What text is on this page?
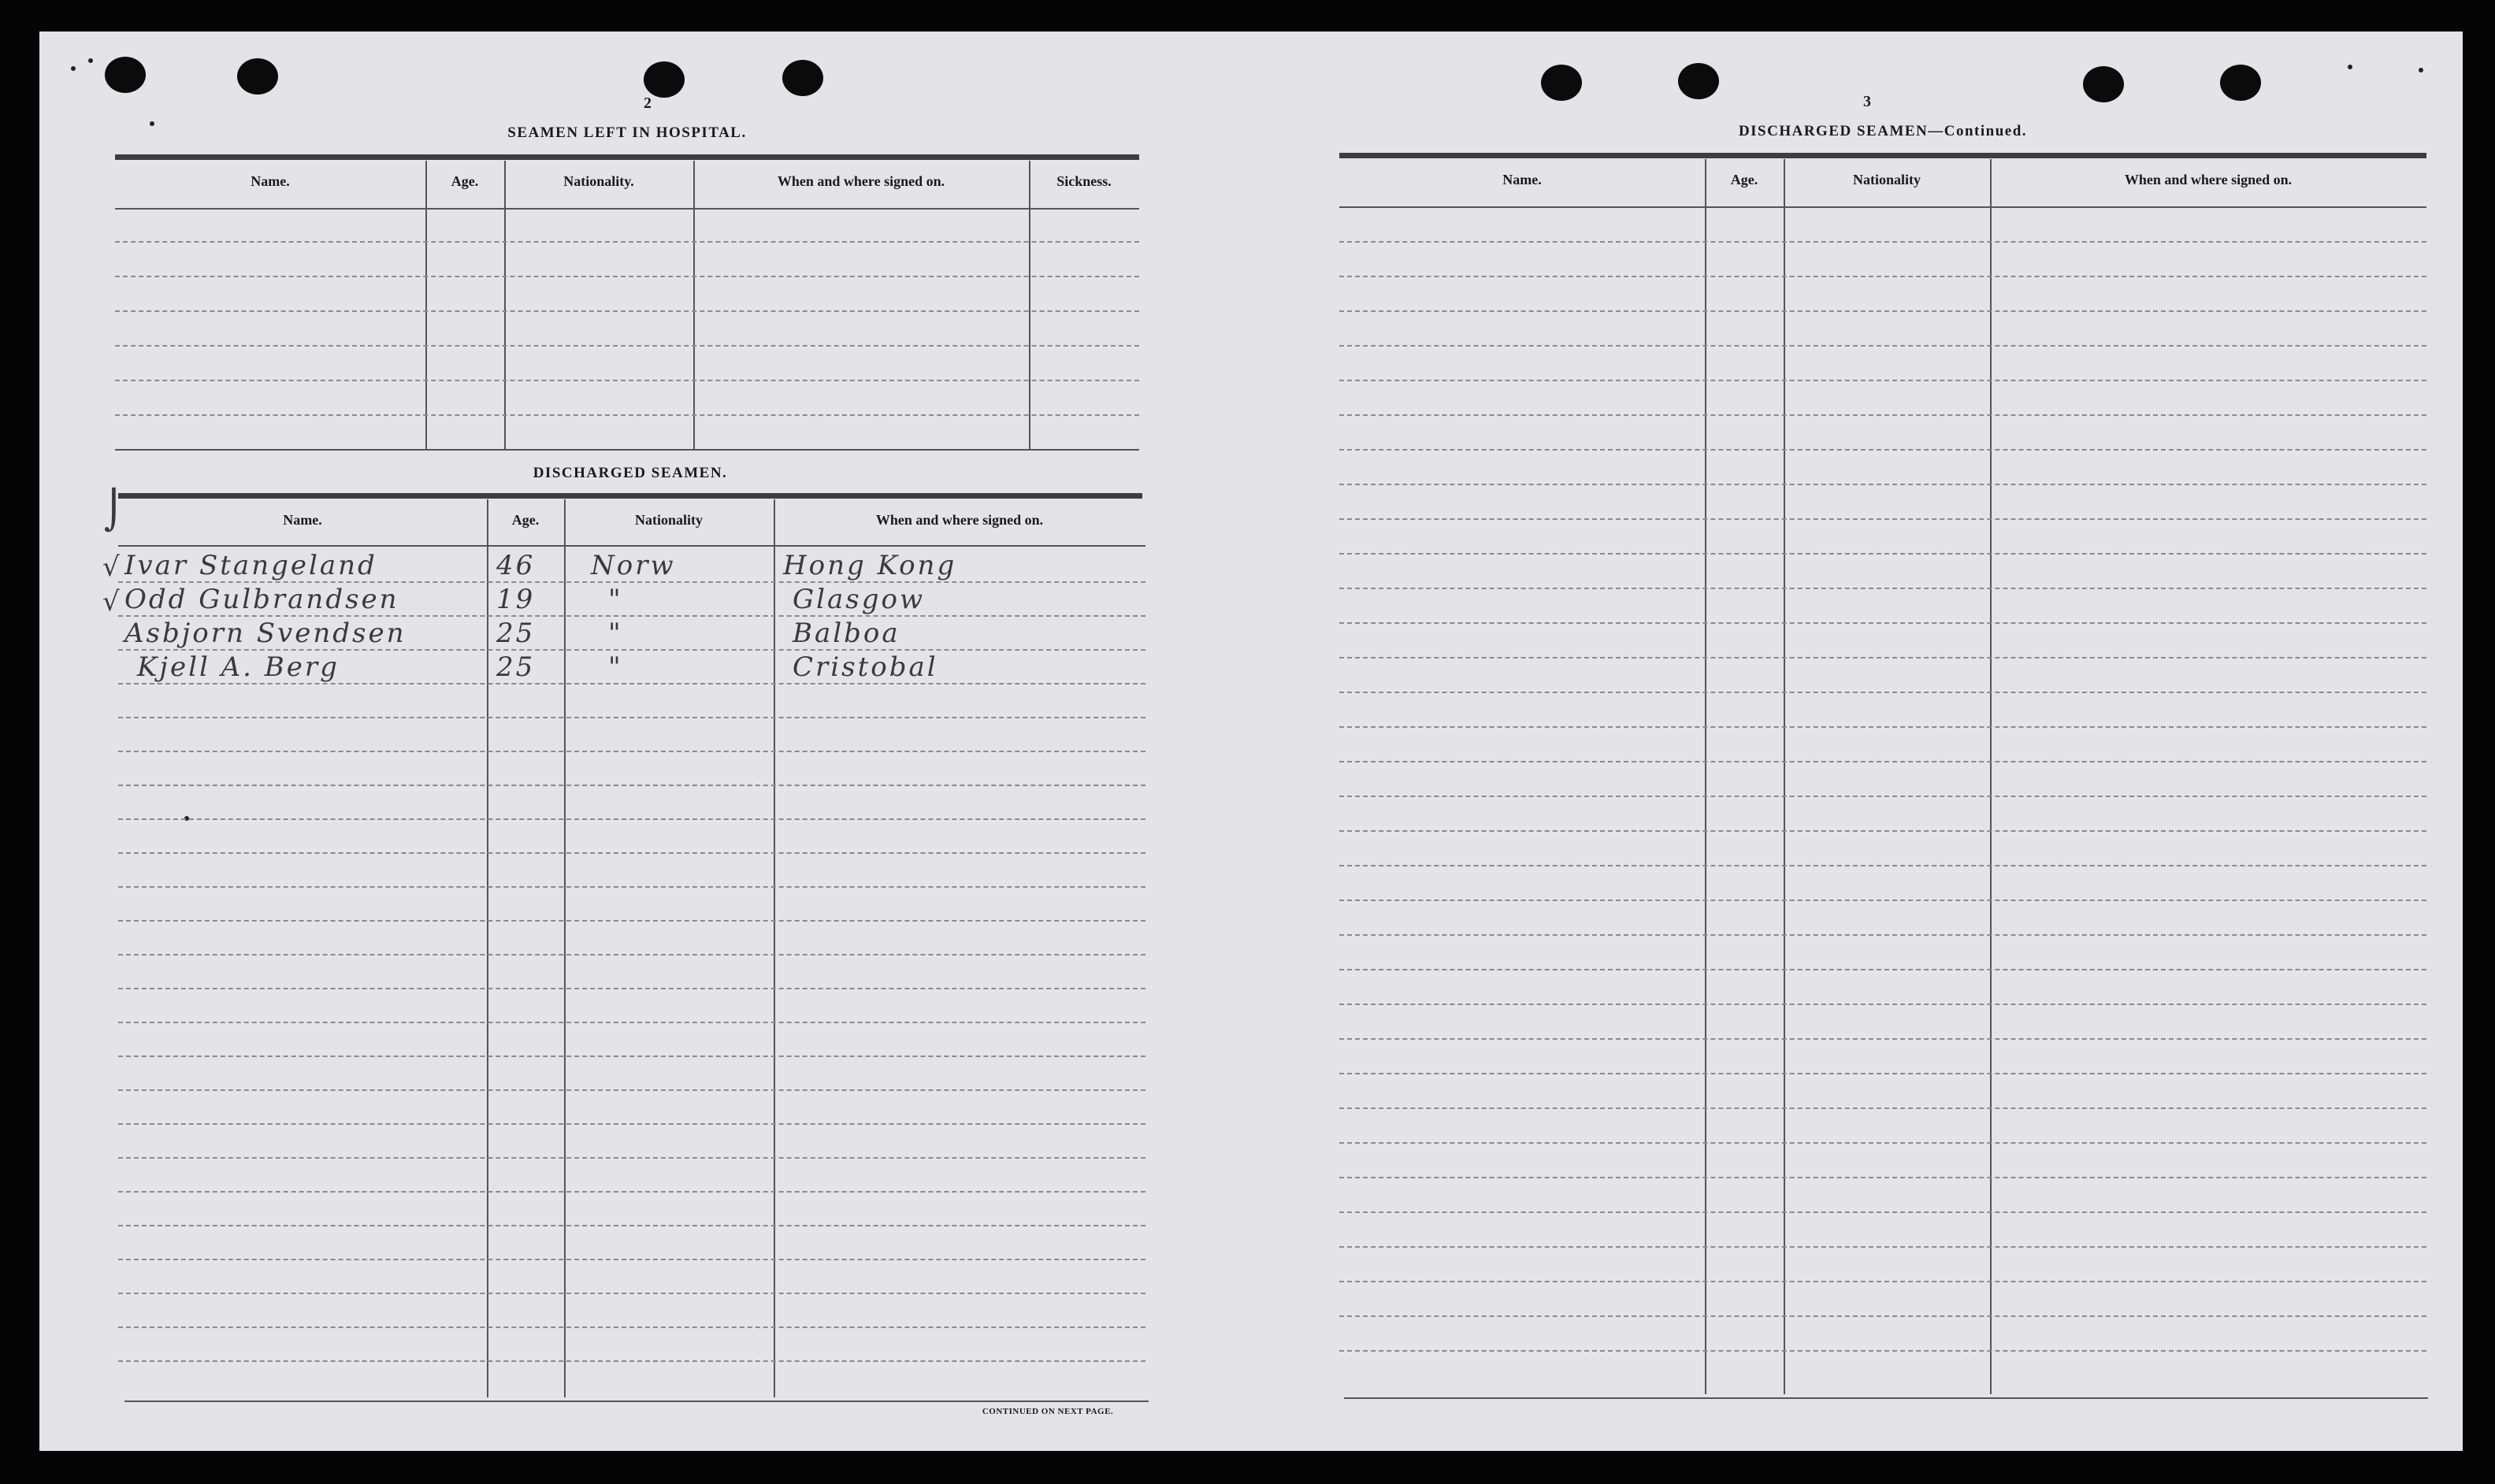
2
SEAMEN LEFT IN HOSPITAL.
Name.	Age.	Nationality.	When and where signed on.	Sickness.
DISCHARGED SEAMEN.
Name.	Age.	Nationality	When and where signed on.
⌡
Ivar Stangeland	46 Norw	Hong Kong
√
Odd Gulbrandsen	19	"	Glasgow
√
Asbjorn Svendsen	25	"	Balboa
Kjell A. Berg	25	"	Cristobal
CONTINUED ON NEXT PAGE.
3
DISCHARGED SEAMEN—Continued.
Name.	Age.	Nationality	When and where signed on.
